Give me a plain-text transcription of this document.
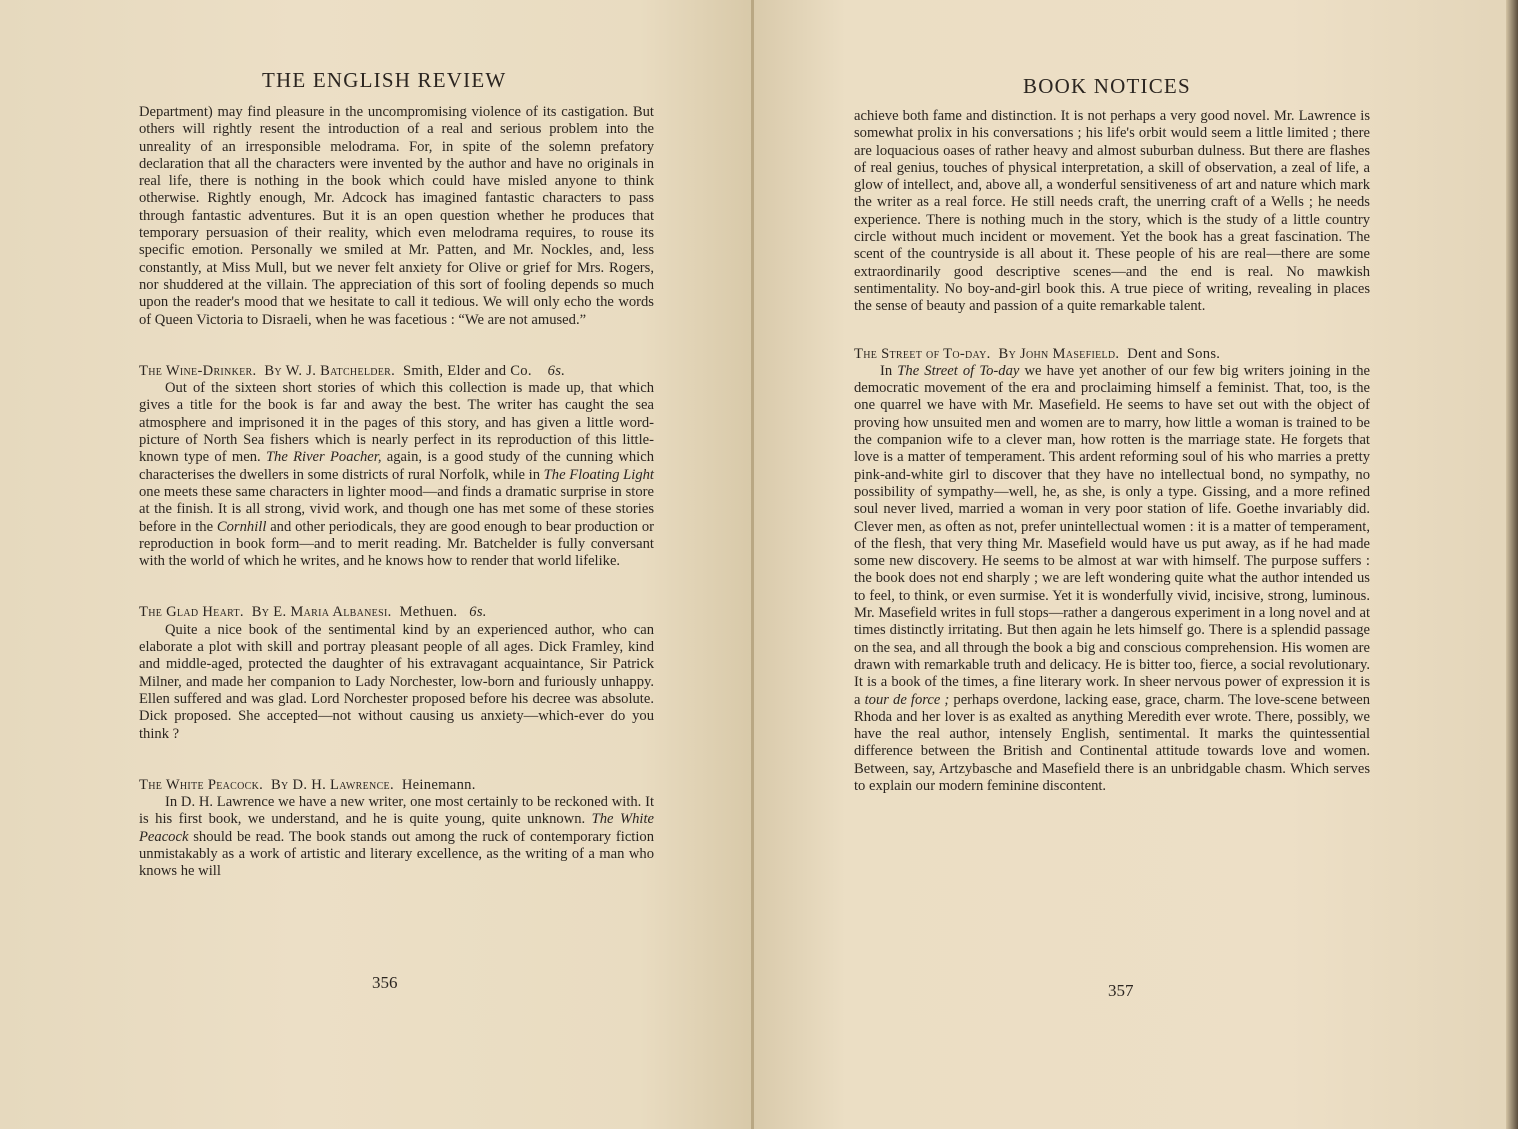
THE ENGLISH REVIEW

Department) may find pleasure in the uncompromising violence of its castigation. But others will rightly resent the introduction of a real and serious problem into the unreality of an irresponsible melodrama. For, in spite of the solemn prefatory declaration that all the characters were invented by the author and have no originals in real life, there is nothing in the book which could have misled anyone to think otherwise. Rightly enough, Mr. Adcock has imagined fantastic characters to pass through fantastic adventures. But it is an open question whether he produces that temporary persuasion of their reality, which even melodrama requires, to rouse its specific emotion. Personally we smiled at Mr. Patten, and Mr. Nockles, and, less constantly, at Miss Mull, but we never felt anxiety for Olive or grief for Mrs. Rogers, nor shuddered at the villain. The appreciation of this sort of fooling depends so much upon the reader's mood that we hesitate to call it tedious. We will only echo the words of Queen Victoria to Disraeli, when he was facetious : “We are not amused.”

The Wine-Drinker. By W. J. Batchelder. Smith, Elder and Co. 6s.

Out of the sixteen short stories of which this collection is made up, that which gives a title for the book is far and away the best. The writer has caught the sea atmosphere and imprisoned it in the pages of this story, and has given a little word-picture of North Sea fishers which is nearly perfect in its reproduction of this little-known type of men. The River Poacher, again, is a good study of the cunning which characterises the dwellers in some districts of rural Norfolk, while in The Floating Light one meets these same characters in lighter mood—and finds a dramatic surprise in store at the finish. It is all strong, vivid work, and though one has met some of these stories before in the Cornhill and other periodicals, they are good enough to bear production or reproduction in book form—and to merit reading. Mr. Batchelder is fully conversant with the world of which he writes, and he knows how to render that world lifelike.

The Glad Heart. By E. Maria Albanesi. Methuen. 6s.

Quite a nice book of the sentimental kind by an experienced author, who can elaborate a plot with skill and portray pleasant people of all ages. Dick Framley, kind and middle-aged, protected the daughter of his extravagant acquaintance, Sir Patrick Milner, and made her companion to Lady Norchester, low-born and furiously unhappy. Ellen suffered and was glad. Lord Norchester proposed before his decree was absolute. Dick proposed. She accepted—not without causing us anxiety—which-ever do you think ?

The White Peacock. By D. H. Lawrence. Heinemann.

In D. H. Lawrence we have a new writer, one most certainly to be reckoned with. It is his first book, we understand, and he is quite young, quite unknown. The White Peacock should be read. The book stands out among the ruck of contemporary fiction unmistakably as a work of artistic and literary excellence, as the writing of a man who knows he will

356
BOOK NOTICES

achieve both fame and distinction. It is not perhaps a very good novel. Mr. Lawrence is somewhat prolix in his conversations ; his life's orbit would seem a little limited ; there are loquacious oases of rather heavy and almost suburban dulness. But there are flashes of real genius, touches of physical interpretation, a skill of observation, a zeal of life, a glow of intellect, and, above all, a wonderful sensitiveness of art and nature which mark the writer as a real force. He still needs craft, the unerring craft of a Wells ; he needs experience. There is nothing much in the story, which is the study of a little country circle without much incident or movement. Yet the book has a great fascination. The scent of the countryside is all about it. These people of his are real—there are some extraordinarily good descriptive scenes—and the end is real. No mawkish sentimentality. No boy-and-girl book this. A true piece of writing, revealing in places the sense of beauty and passion of a quite remarkable talent.

The Street of To-day. By John Masefield. Dent and Sons.

In The Street of To-day we have yet another of our few big writers joining in the democratic movement of the era and proclaiming himself a feminist. That, too, is the one quarrel we have with Mr. Masefield. He seems to have set out with the object of proving how unsuited men and women are to marry, how little a woman is trained to be the companion wife to a clever man, how rotten is the marriage state. He forgets that love is a matter of temperament. This ardent reforming soul of his who marries a pretty pink-and-white girl to discover that they have no intellectual bond, no sympathy, no possibility of sympathy—well, he, as she, is only a type. Gissing, and a more refined soul never lived, married a woman in very poor station of life. Goethe invariably did. Clever men, as often as not, prefer unintellectual women : it is a matter of temperament, of the flesh, that very thing Mr. Masefield would have us put away, as if he had made some new discovery. He seems to be almost at war with himself. The purpose suffers : the book does not end sharply ; we are left wondering quite what the author intended us to feel, to think, or even surmise. Yet it is wonderfully vivid, incisive, strong, luminous. Mr. Masefield writes in full stops—rather a dangerous experiment in a long novel and at times distinctly irritating. But then again he lets himself go. There is a splendid passage on the sea, and all through the book a big and conscious comprehension. His women are drawn with remarkable truth and delicacy. He is bitter too, fierce, a social revolutionary. It is a book of the times, a fine literary work. In sheer nervous power of expression it is a tour de force ; perhaps overdone, lacking ease, grace, charm. The love-scene between Rhoda and her lover is as exalted as anything Meredith ever wrote. There, possibly, we have the real author, intensely English, sentimental. It marks the quintessential difference between the British and Continental attitude towards love and women. Between, say, Artzybasche and Masefield there is an unbridgable chasm. Which serves to explain our modern feminine discontent.

357
